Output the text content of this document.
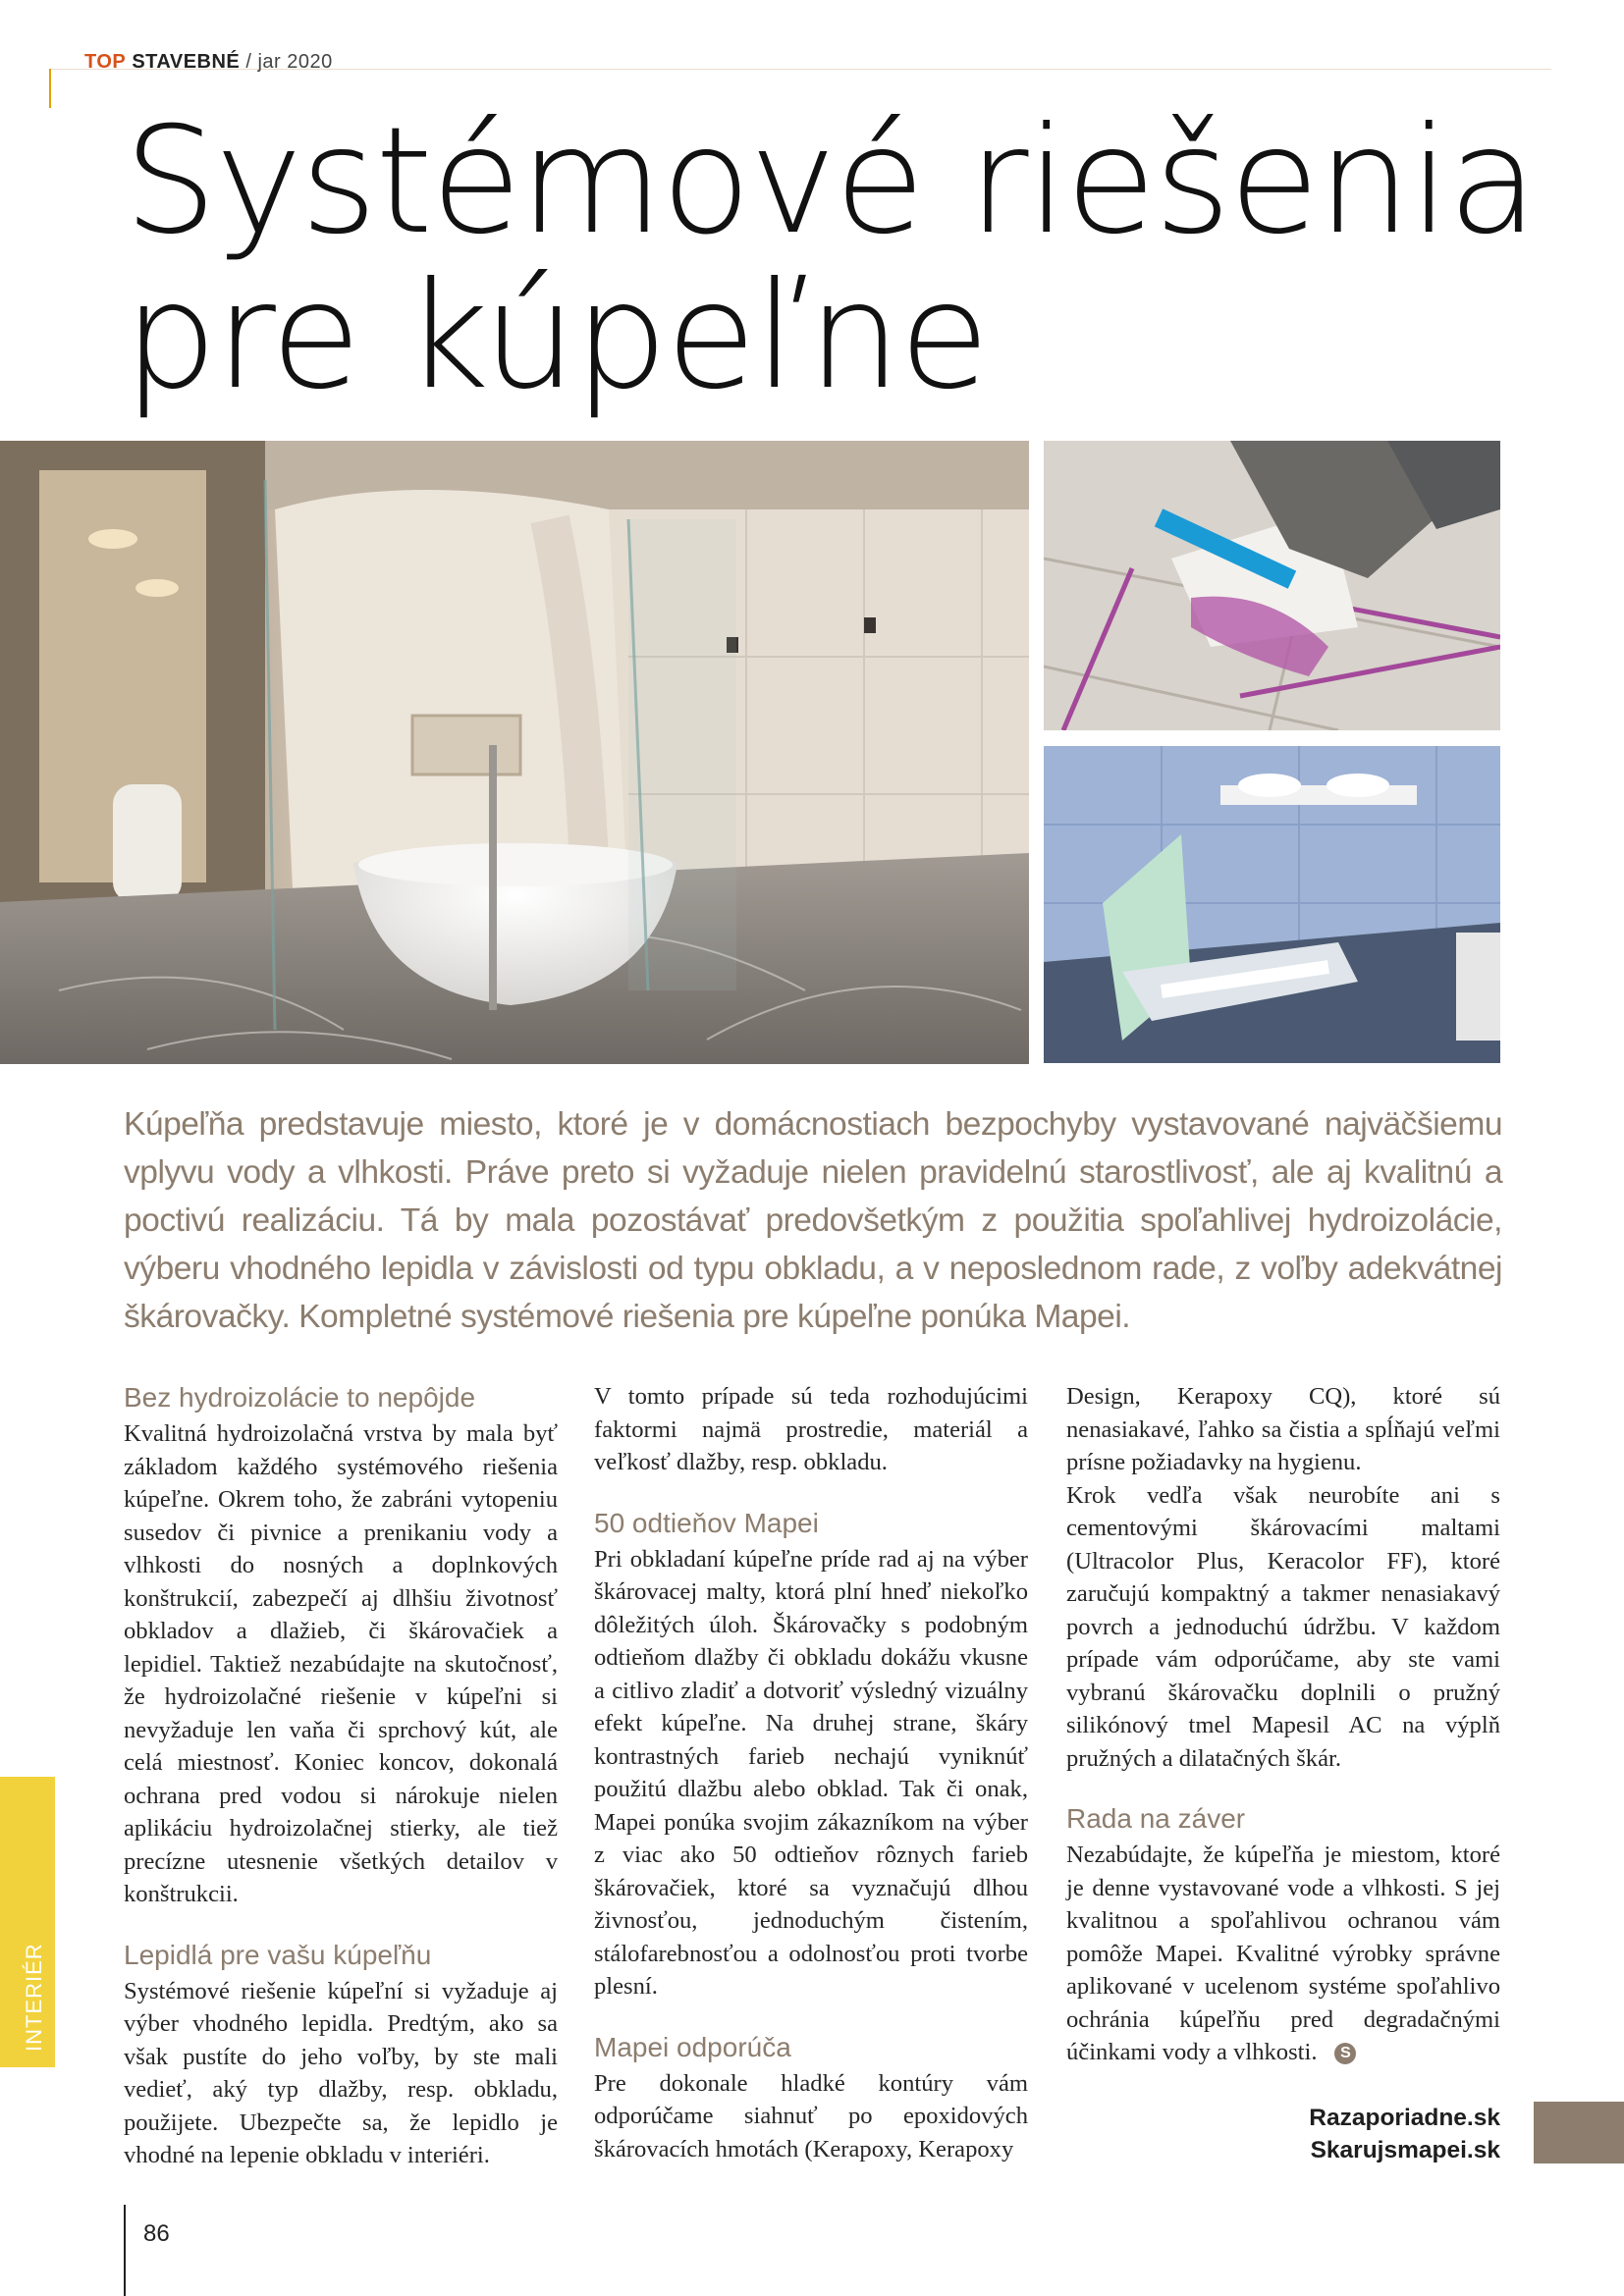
TOP STAVEBNÉ / jar 2020
Systémové riešenia
pre kúpeľne

Kúpeľňa predstavuje miesto, ktoré je v domácnostiach bezpochyby vystavované najväčšiemu vplyvu vody a vlhkosti. Práve preto si vyžaduje nielen pravidelnú starostlivosť, ale aj kvalitnú a poctivú realizáciu. Tá by mala pozostávať predovšetkým z použitia spoľahlivej hydroizolácie, výberu vhodného lepidla v závislosti od typu obkladu, a v neposlednom rade, z voľby adekvátnej škárovačky. Kompletné systémové riešenia pre kúpeľne ponúka Mapei.

Bez hydroizolácie to nepôjde

Kvalitná hydroizolačná vrstva by mala byť základom každého systémového riešenia kúpeľne. Okrem toho, že zabráni vytopeniu susedov či pivnice a prenikaniu vody a vlhkosti do nosných a doplnkových konštrukcií, zabezpečí aj dlhšiu životnosť obkladov a dlažieb, či škárovačiek a lepidiel. Taktiež nezabúdajte na skutočnosť, že hydroizolačné riešenie v kúpeľni si nevyžaduje len vaňa či sprchový kút, ale celá miestnosť. Koniec koncov, dokonalá ochrana pred vodou si nárokuje nielen aplikáciu hydroizolačnej stierky, ale tiež precízne utesnenie všetkých detailov v konštrukcii.

Lepidlá pre vašu kúpeľňu

Systémové riešenie kúpeľní si vyžaduje aj výber vhodného lepidla. Predtým, ako sa však pustíte do jeho voľby, by ste mali vedieť, aký typ dlažby, resp. obkladu, použijete. Ubezpečte sa, že lepidlo je vhodné na lepenie obkladu v interiéri.

V tomto prípade sú teda rozhodujúcimi faktormi najmä prostredie, materiál a veľkosť dlažby, resp. obkladu.

50 odtieňov Mapei

Pri obkladaní kúpeľne príde rad aj na výber škárovacej malty, ktorá plní hneď niekoľko dôležitých úloh. Škárovačky s podobným odtieňom dlažby či obkladu dokážu vkusne a citlivo zladiť a dotvoriť výsledný vizuálny efekt kúpeľne. Na druhej strane, škáry kontrastných farieb nechajú vyniknúť použitú dlažbu alebo obklad. Tak či onak, Mapei ponúka svojim zákazníkom na výber z viac ako 50 odtieňov rôznych farieb škárovačiek, ktoré sa vyznačujú dlhou živnosťou, jednoduchým čistením, stálofarebnosťou a odolnosťou proti tvorbe plesní.

Mapei odporúča

Pre dokonale hladké kontúry vám odporúčame siahnuť po epoxidových škárovacích hmotách (Kerapoxy, Kerapoxy

Design, Kerapoxy CQ), ktoré sú nenasiakavé, ľahko sa čistia a spĺňajú veľmi prísne požiadavky na hygienu.

Krok vedľa však neurobíte ani s cementovými škárovacími maltami (Ultracolor Plus, Keracolor FF), ktoré zaručujú kompaktný a takmer nenasiakavý povrch a jednoduchú údržbu. V každom prípade vám odporúčame, aby ste vami vybranú škárovačku doplnili o pružný silikónový tmel Mapesil AC na výplň pružných a dilatačných škár.

Rada na záver

Nezabúdajte, že kúpeľňa je miestom, ktoré je denne vystavované vode a vlhkosti. S jej kvalitnou a spoľahlivou ochranou vám pomôže Mapei. Kvalitné výrobky správne aplikované v ucelenom systéme spoľahlivo ochránia kúpeľňu pred degradačnými účinkami vody a vlhkosti. S

Razaporiadne.sk
Skarujsmapei.sk
INTERIÉR
86
